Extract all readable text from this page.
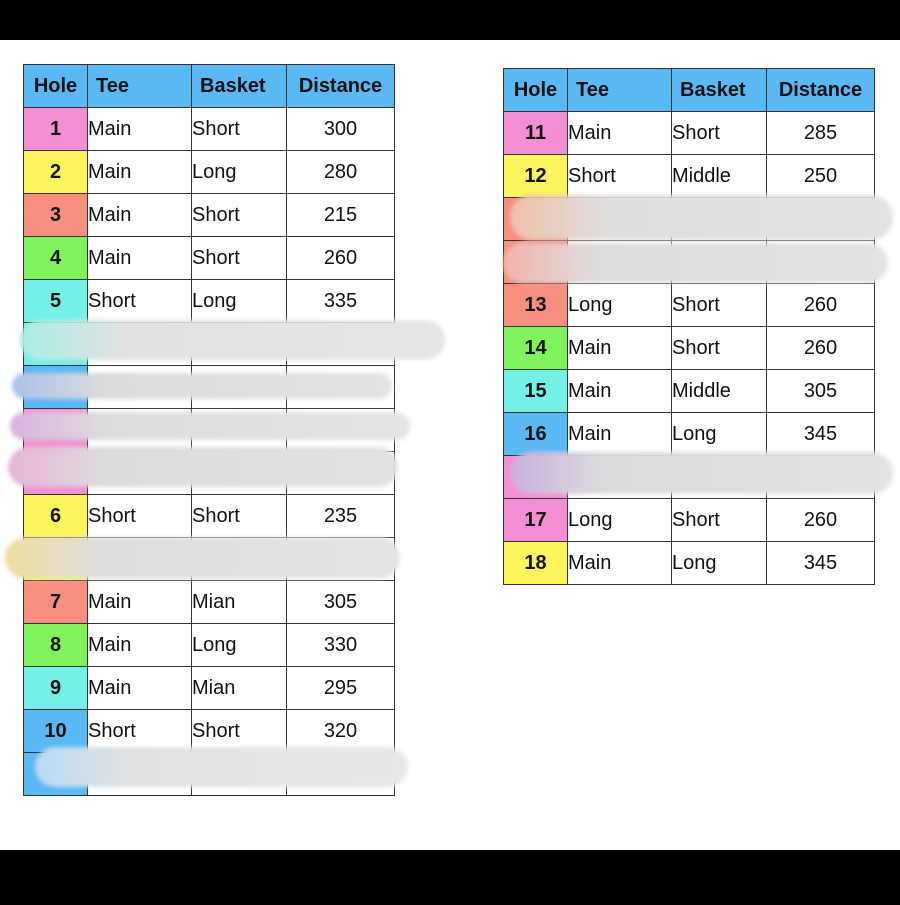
Hole	Tee	Basket	Distance
1	Main	Short	300
2	Main	Long	280
3	Main	Short	215
4	Main	Short	260
5	Short	Long	335

6	Short	Short	235

7	Main	Mian	305
8	Main	Long	330
9	Main	Mian	295
10	Short	Short	320

Hole	Tee	Basket	Distance
11	Main	Short	285
12	Short	Middle	250

13	Long	Short	260
14	Main	Short	260
15	Main	Middle	305
16	Main	Long	345

17	Long	Short	260
18	Main	Long	345
